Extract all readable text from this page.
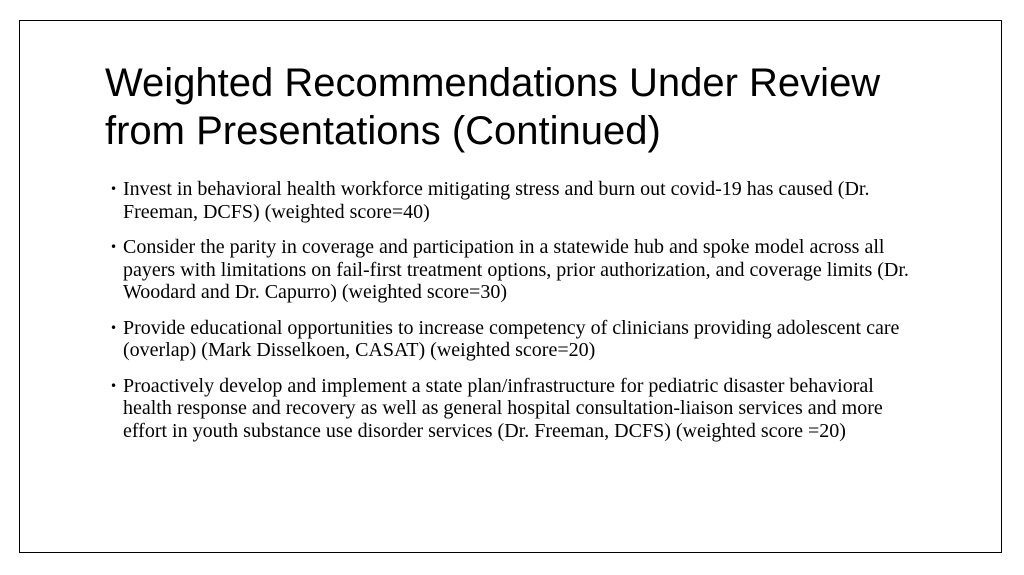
Weighted Recommendations Under Review from Presentations (Continued)
• Invest in behavioral health workforce mitigating stress and burn out covid-19 has caused (Dr. Freeman, DCFS) (weighted score=40)
• Consider the parity in coverage and participation in a statewide hub and spoke model across all payers with limitations on fail-first treatment options, prior authorization, and coverage limits (Dr. Woodard and Dr. Capurro) (weighted score=30)
• Provide educational opportunities to increase competency of clinicians providing adolescent care (overlap) (Mark Disselkoen, CASAT) (weighted score=20)
• Proactively develop and implement a state plan/infrastructure for pediatric disaster behavioral health response and recovery as well as general hospital consultation-liaison services and more effort in youth substance use disorder services (Dr. Freeman, DCFS) (weighted score =20)
